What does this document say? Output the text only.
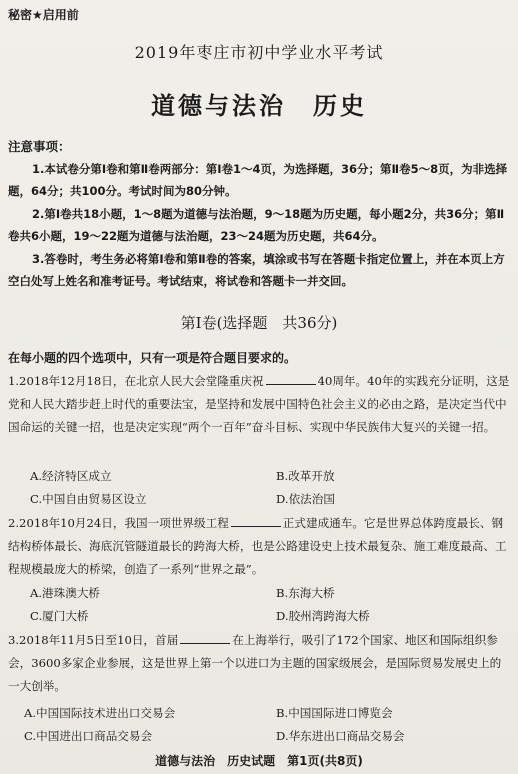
秘密★启用前
2019年枣庄市初中学业水平考试
道德与法治　历史
注意事项：
1.本试卷分第Ⅰ卷和第Ⅱ卷两部分：第Ⅰ卷1～4页，为选择题，36分；第Ⅱ卷5～8页，为非选择题，64分；共100分。考试时间为80分钟。
2.第Ⅰ卷共18小题，1～8题为道德与法治题，9～18题为历史题，每小题2分，共36分；第Ⅱ卷共6小题，19～22题为道德与法治题，23～24题为历史题，共64分。
3.答卷时，考生务必将第Ⅰ卷和第Ⅱ卷的答案，填涂或书写在答题卡指定位置上，并在本页上方空白处写上姓名和准考证号。考试结束，将试卷和答题卡一并交回。
第Ⅰ卷(选择题　共36分)
在每小题的四个选项中，只有一项是符合题目要求的。
1.2018年12月18日，在北京人民大会堂隆重庆祝	40周年。40年的实践充分证明，这是党和人民大踏步赶上时代的重要法宝，是坚持和发展中国特色社会主义的必由之路，是决定当代中国命运的关键一招，也是决定实现“两个一百年”奋斗目标、实现中华民族伟大复兴的关键一招。
A.经济特区成立	B.改革开放
C.中国自由贸易区设立	D.依法治国
2.2018年10月24日，我国一项世界级工程	正式建成通车。它是世界总体跨度最长、钢结构桥体最长、海底沉管隧道最长的跨海大桥，也是公路建设史上技术最复杂、施工难度最高、工程规模最庞大的桥梁，创造了一系列“世界之最”。
A.港珠澳大桥	B.东海大桥
C.厦门大桥	D.胶州湾跨海大桥
3.2018年11月5日至10日，首届	在上海举行，吸引了172个国家、地区和国际组织参会，3600多家企业参展，这是世界上第一个以进口为主题的国家级展会，是国际贸易发展史上的一大创举。
A.中国国际技术进出口交易会	B.中国国际进口博览会
C.中国进出口商品交易会	D.华东进出口商品交易会
道德与法治　历史试题　第1页(共8页)
